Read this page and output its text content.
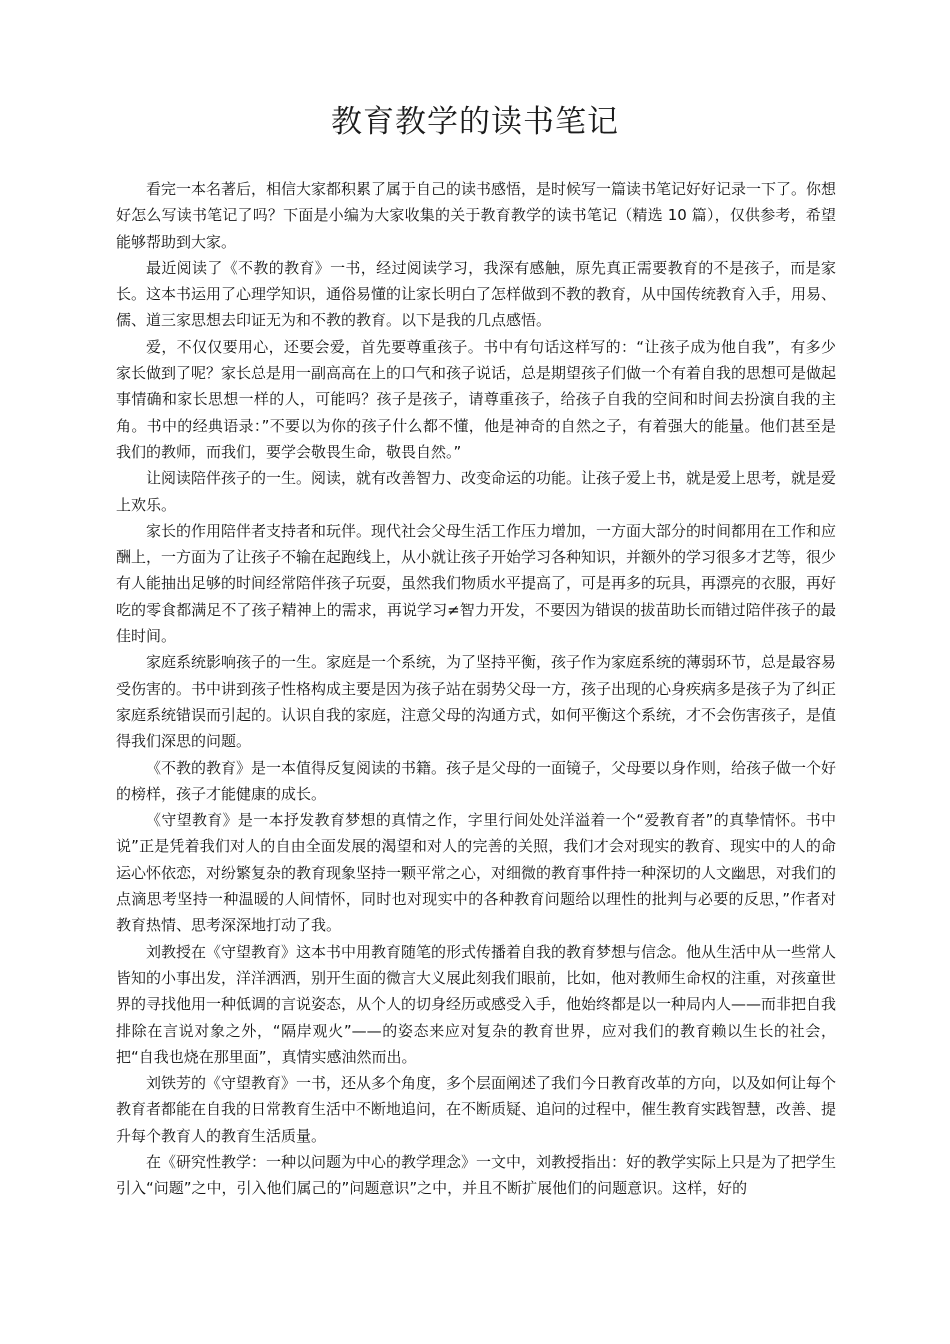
教育教学的读书笔记

看完一本名著后，相信大家都积累了属于自己的读书感悟，是时候写一篇读书笔记好好记录一下了。你想好怎么写读书笔记了吗？下面是小编为大家收集的关于教育教学的读书笔记（精选 10 篇），仅供参考，希望能够帮助到大家。

最近阅读了《不教的教育》一书，经过阅读学习，我深有感触，原先真正需要教育的不是孩子，而是家长。这本书运用了心理学知识，通俗易懂的让家长明白了怎样做到不教的教育，从中国传统教育入手，用易、儒、道三家思想去印证无为和不教的教育。以下是我的几点感悟。

爱，不仅仅要用心，还要会爱，首先要尊重孩子。书中有句话这样写的：“让孩子成为他自我”，有多少家长做到了呢？家长总是用一副高高在上的口气和孩子说话，总是期望孩子们做一个有着自我的思想可是做起事情确和家长思想一样的人，可能吗？孩子是孩子，请尊重孩子，给孩子自我的空间和时间去扮演自我的主角。书中的经典语录：”不要以为你的孩子什么都不懂，他是神奇的自然之子，有着强大的能量。他们甚至是我们的教师，而我们，要学会敬畏生命，敬畏自然。”

让阅读陪伴孩子的一生。阅读，就有改善智力、改变命运的功能。让孩子爱上书，就是爱上思考，就是爱上欢乐。

家长的作用陪伴者支持者和玩伴。现代社会父母生活工作压力增加，一方面大部分的时间都用在工作和应酬上，一方面为了让孩子不输在起跑线上，从小就让孩子开始学习各种知识，并额外的学习很多才艺等，很少有人能抽出足够的时间经常陪伴孩子玩耍，虽然我们物质水平提高了，可是再多的玩具，再漂亮的衣服，再好吃的零食都满足不了孩子精神上的需求，再说学习≠智力开发，不要因为错误的拔苗助长而错过陪伴孩子的最佳时间。

家庭系统影响孩子的一生。家庭是一个系统，为了坚持平衡，孩子作为家庭系统的薄弱环节，总是最容易受伤害的。书中讲到孩子性格构成主要是因为孩子站在弱势父母一方，孩子出现的心身疾病多是孩子为了纠正家庭系统错误而引起的。认识自我的家庭，注意父母的沟通方式，如何平衡这个系统，才不会伤害孩子，是值得我们深思的问题。

《不教的教育》是一本值得反复阅读的书籍。孩子是父母的一面镜子，父母要以身作则，给孩子做一个好的榜样，孩子才能健康的成长。

《守望教育》是一本抒发教育梦想的真情之作，字里行间处处洋溢着一个“爱教育者”的真挚情怀。书中说”正是凭着我们对人的自由全面发展的渴望和对人的完善的关照，我们才会对现实的教育、现实中的人的命运心怀依恋，对纷繁复杂的教育现象坚持一颗平常之心，对细微的教育事件持一种深切的人文幽思，对我们的点滴思考坚持一种温暖的人间情怀，同时也对现实中的各种教育问题给以理性的批判与必要的反思，”作者对教育热情、思考深深地打动了我。

刘教授在《守望教育》这本书中用教育随笔的形式传播着自我的教育梦想与信念。他从生活中从一些常人皆知的小事出发，洋洋洒洒，别开生面的微言大义展此刻我们眼前，比如，他对教师生命权的注重，对孩童世界的寻找他用一种低调的言说姿态，从个人的切身经历或感受入手，他始终都是以一种局内人——而非把自我排除在言说对象之外，“隔岸观火”——的姿态来应对复杂的教育世界，应对我们的教育赖以生长的社会，把“自我也烧在那里面”，真情实感油然而出。

刘铁芳的《守望教育》一书，还从多个角度，多个层面阐述了我们今日教育改革的方向，以及如何让每个教育者都能在自我的日常教育生活中不断地追问，在不断质疑、追问的过程中，催生教育实践智慧，改善、提升每个教育人的教育生活质量。

在《研究性教学：一种以问题为中心的教学理念》一文中，刘教授指出：好的教学实际上只是为了把学生引入“问题”之中，引入他们属己的”问题意识”之中，并且不断扩展他们的问题意识。这样，好的
